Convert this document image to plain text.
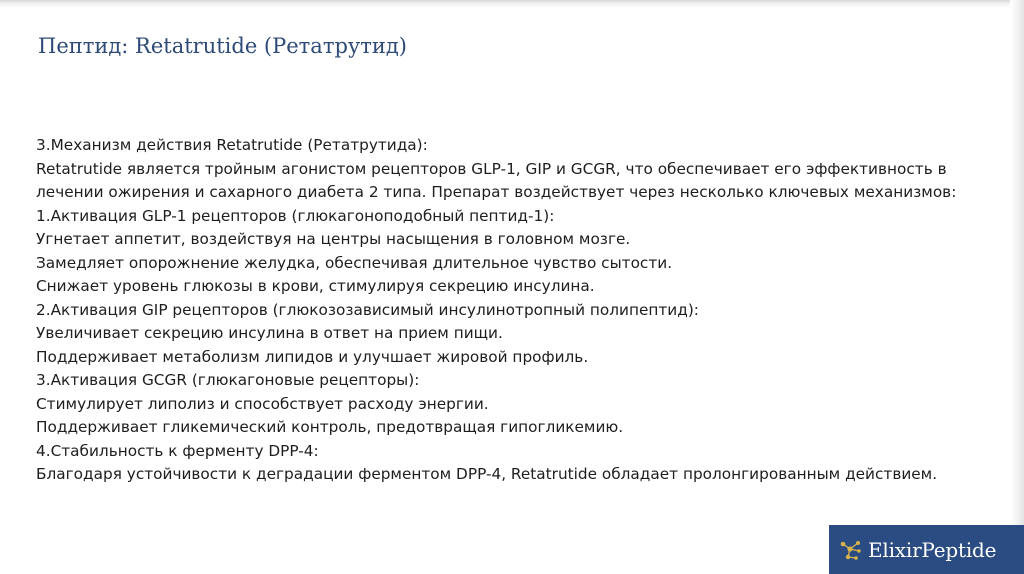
Пептид: Retatrutide (Ретатрутид)
3.Механизм действия Retatrutide (Ретатрутида):
Retatrutide является тройным агонистом рецепторов GLP-1, GIP и GCGR, что обеспечивает его эффективность в
лечении ожирения и сахарного диабета 2 типа. Препарат воздействует через несколько ключевых механизмов:
1.Активация GLP-1 рецепторов (глюкагоноподобный пептид-1):
Угнетает аппетит, воздействуя на центры насыщения в головном мозге.
Замедляет опорожнение желудка, обеспечивая длительное чувство сытости.
Снижает уровень глюкозы в крови, стимулируя секрецию инсулина.
2.Активация GIP рецепторов (глюкозозависимый инсулинотропный полипептид):
Увеличивает секрецию инсулина в ответ на прием пищи.
Поддерживает метаболизм липидов и улучшает жировой профиль.
3.Активация GCGR (глюкагоновые рецепторы):
Стимулирует липолиз и способствует расходу энергии.
Поддерживает гликемический контроль, предотвращая гипогликемию.
4.Стабильность к ферменту DPP-4:
Благодаря устойчивости к деградации ферментом DPP-4, Retatrutide обладает пролонгированным действием.
ElixirPeptide
